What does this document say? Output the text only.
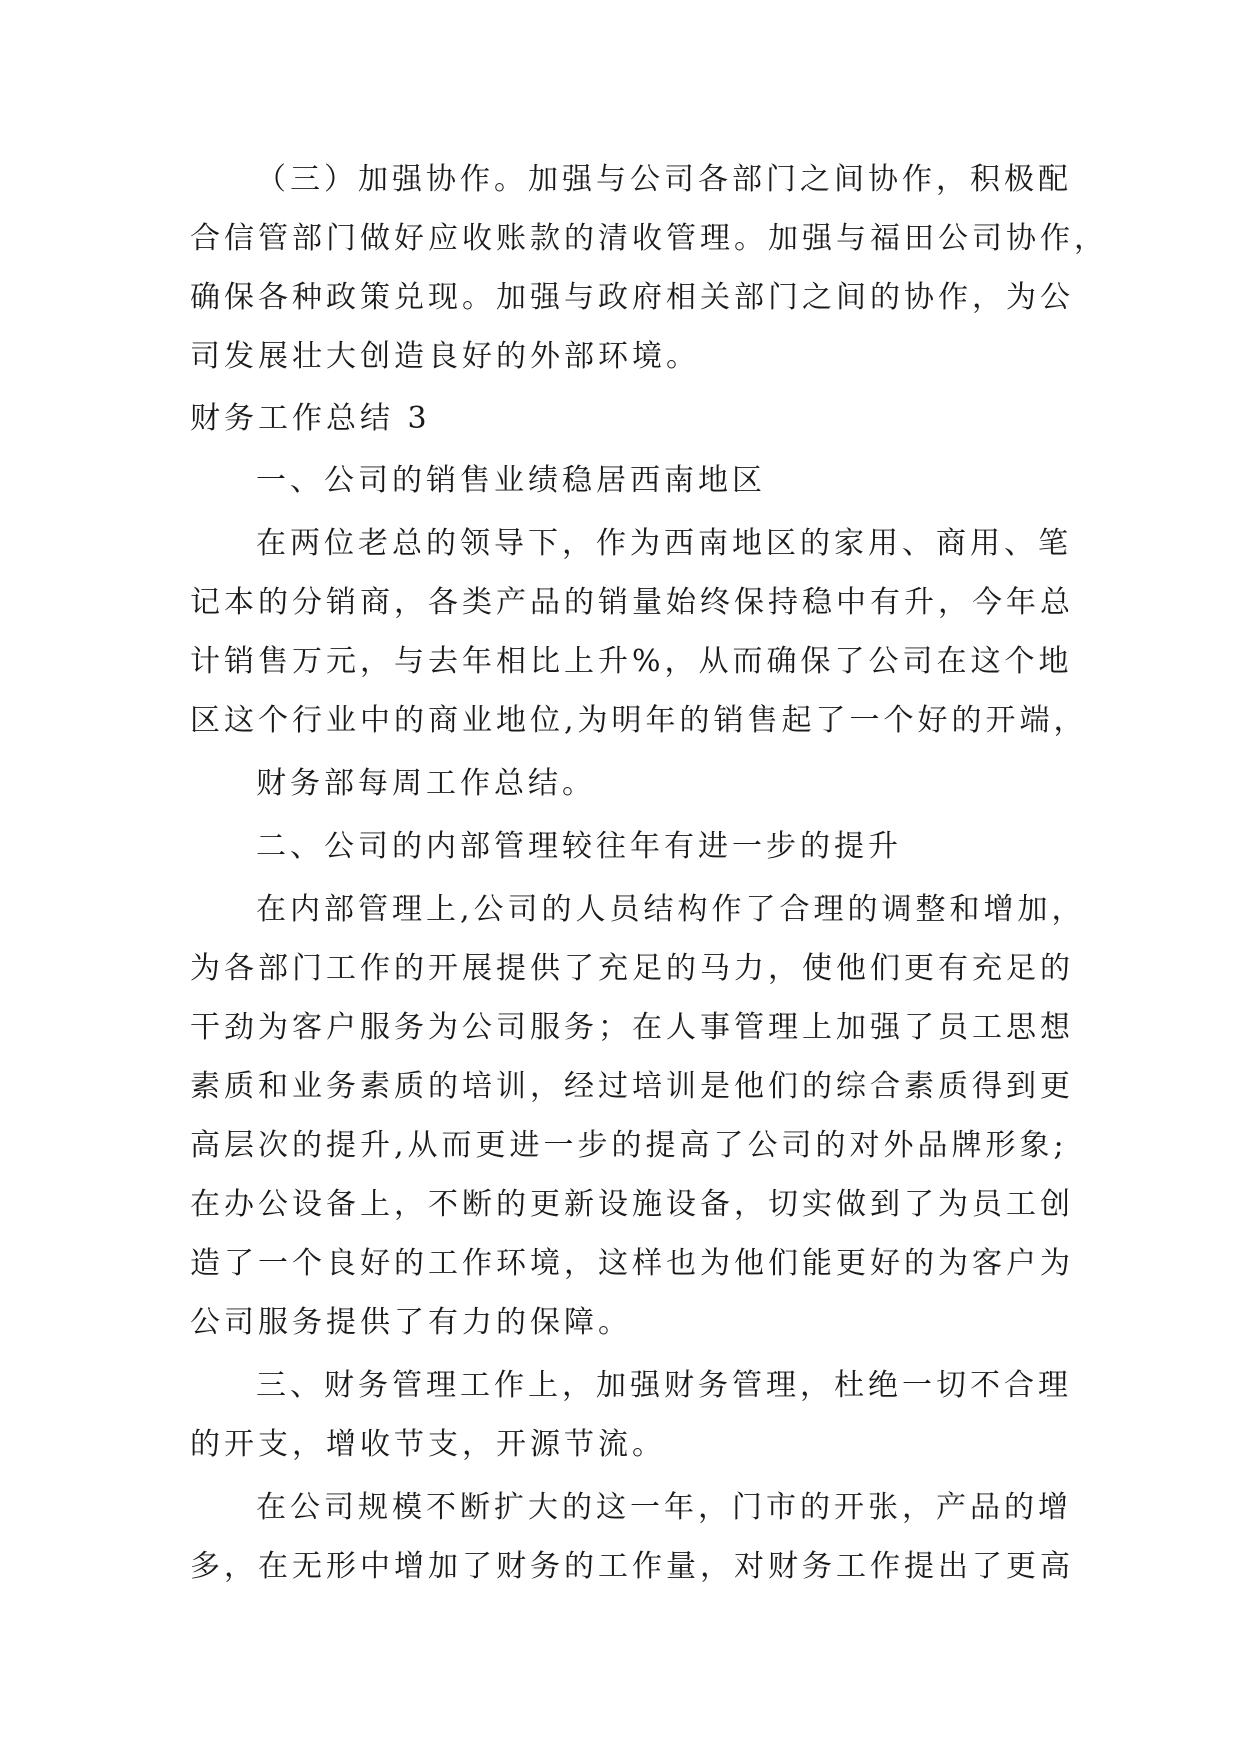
（三）加强协作。加强与公司各部门之间协作，积极配
合信管部门做好应收账款的清收管理。加强与福田公司协作，
确保各种政策兑现。加强与政府相关部门之间的协作，为公
司发展壮大创造良好的外部环境。
财务工作总结 3
一、公司的销售业绩稳居西南地区
在两位老总的领导下，作为西南地区的家用、商用、笔
记本的分销商，各类产品的销量始终保持稳中有升，今年总
计销售万元，与去年相比上升%，从而确保了公司在这个地
区这个行业中的商业地位,为明年的销售起了一个好的开端，
财务部每周工作总结。
二、公司的内部管理较往年有进一步的提升
在内部管理上,公司的人员结构作了合理的调整和增加，
为各部门工作的开展提供了充足的马力，使他们更有充足的
干劲为客户服务为公司服务；在人事管理上加强了员工思想
素质和业务素质的培训，经过培训是他们的综合素质得到更
高层次的提升,从而更进一步的提高了公司的对外品牌形象;
在办公设备上，不断的更新设施设备，切实做到了为员工创
造了一个良好的工作环境，这样也为他们能更好的为客户为
公司服务提供了有力的保障。
三、财务管理工作上，加强财务管理，杜绝一切不合理
的开支，增收节支，开源节流。
在公司规模不断扩大的这一年，门市的开张，产品的增
多，在无形中增加了财务的工作量，对财务工作提出了更高
